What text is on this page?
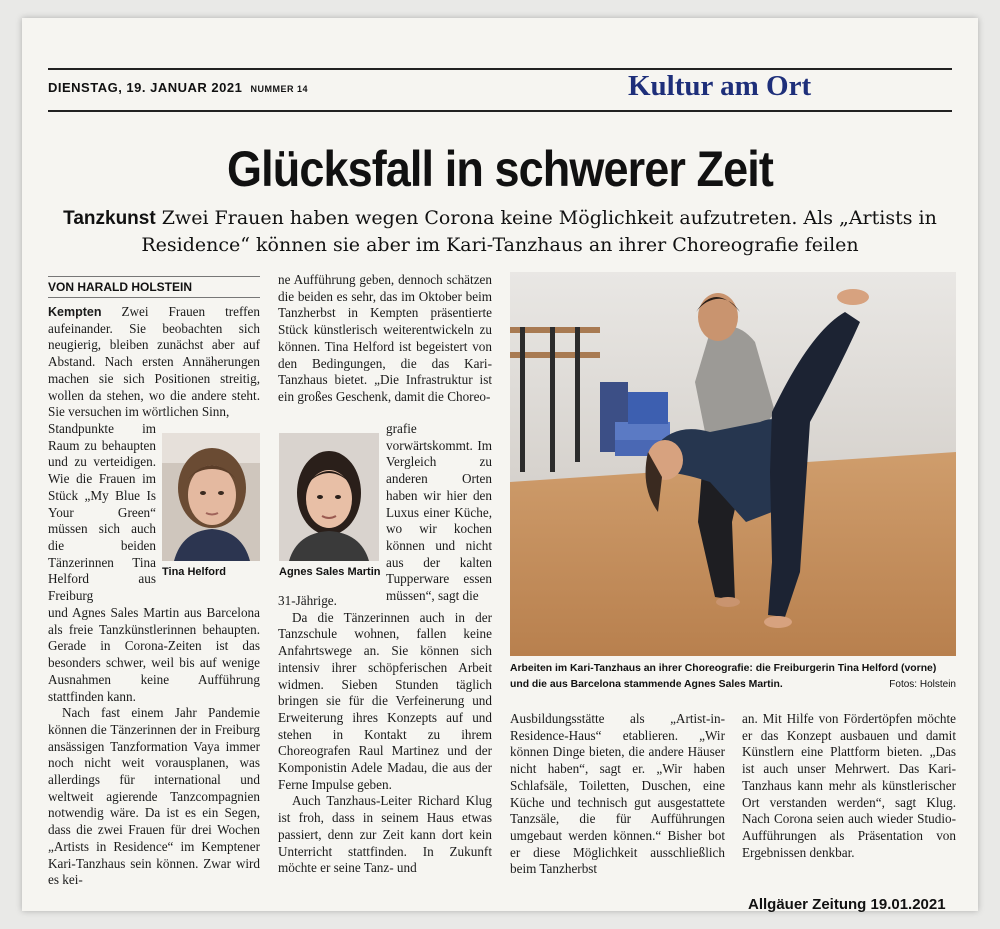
DIENSTAG, 19. JANUAR 2021 NUMMER 14	Kultur am Ort
Glücksfall in schwerer Zeit
Tanzkunst Zwei Frauen haben wegen Corona keine Möglichkeit aufzutreten. Als „Artists in Residence“ können sie aber im Kari-Tanzhaus an ihrer Choreografie feilen
VON HARALD HOLSTEIN

Kempten Zwei Frauen treffen aufeinander. Sie beobachten sich neugierig, bleiben zunächst aber auf Abstand. Nach ersten Annäherungen machen sie sich Positionen streitig, wollen da stehen, wo die andere steht. Sie versuchen im wörtlichen Sinn,

Standpunkte im Raum zu behaupten und zu verteidigen. Wie die Frauen im Stück „My Blue Is Your Green“ müssen sich auch die beiden Tänzerinnen Tina Helford aus Freiburg

und Agnes Sales Martin aus Barcelona als freie Tanzkünstlerinnen behaupten. Gerade in Corona-Zeiten ist das besonders schwer, weil bis auf wenige Ausnahmen keine Aufführung stattfinden kann.

Nach fast einem Jahr Pandemie können die Tänzerinnen der in Freiburg ansässigen Tanzformation Vaya immer noch nicht weit vorausplanen, was allerdings für international und weltweit agierende Tanzcompagnien notwendig wäre. Da ist es ein Segen, dass die zwei Frauen für drei Wochen „Artists in Residence“ im Kemptener Kari-Tanzhaus sein können. Zwar wird es kei-

Tina Helford	Agnes Sales Martin

ne Aufführung geben, dennoch schätzen die beiden es sehr, das im Oktober beim Tanzherbst in Kempten präsentierte Stück künstlerisch weiterentwickeln zu können. Tina Helford ist begeistert von den Bedingungen, die das Kari-Tanzhaus bietet. „Die Infrastruktur ist ein großes Geschenk, damit die Choreo-

grafie vorwärtskommt. Im Vergleich zu anderen Orten haben wir hier den Luxus einer Küche, wo wir kochen können und nicht aus der kalten Tupperware essen müssen“, sagt die

31-Jährige.

Da die Tänzerinnen auch in der Tanzschule wohnen, fallen keine Anfahrtswege an. Sie können sich intensiv ihrer schöpferischen Arbeit widmen. Sieben Stunden täglich bringen sie für die Verfeinerung und Erweiterung ihres Konzepts auf und stehen in Kontakt zu ihrem Choreografen Raul Martinez und der Komponistin Adele Madau, die aus der Ferne Impulse geben.

Auch Tanzhaus-Leiter Richard Klug ist froh, dass in seinem Haus etwas passiert, denn zur Zeit kann dort kein Unterricht stattfinden. In Zukunft möchte er seine Tanz- und

Arbeiten im Kari-Tanzhaus an ihrer Choreografie: die Freiburgerin Tina Helford (vorne) und die aus Barcelona stammende Agnes Sales Martin.	Fotos: Holstein

Ausbildungsstätte als „Artist-in-Residence-Haus“ etablieren. „Wir können Dinge bieten, die andere Häuser nicht haben“, sagt er. „Wir haben Schlafsäle, Toiletten, Duschen, eine Küche und technisch gut ausgestattete Tanzsäle, die für Aufführungen umgebaut werden können.“ Bisher bot er diese Möglichkeit ausschließlich beim Tanzherbst

an. Mit Hilfe von Fördertöpfen möchte er das Konzept ausbauen und damit Künstlern eine Plattform bieten. „Das ist auch unser Mehrwert. Das Kari-Tanzhaus kann mehr als künstlerischer Ort verstanden werden“, sagt Klug. Nach Corona seien auch wieder Studio-Aufführungen als Präsentation von Ergebnissen denkbar.

Allgäuer Zeitung 19.01.2021
